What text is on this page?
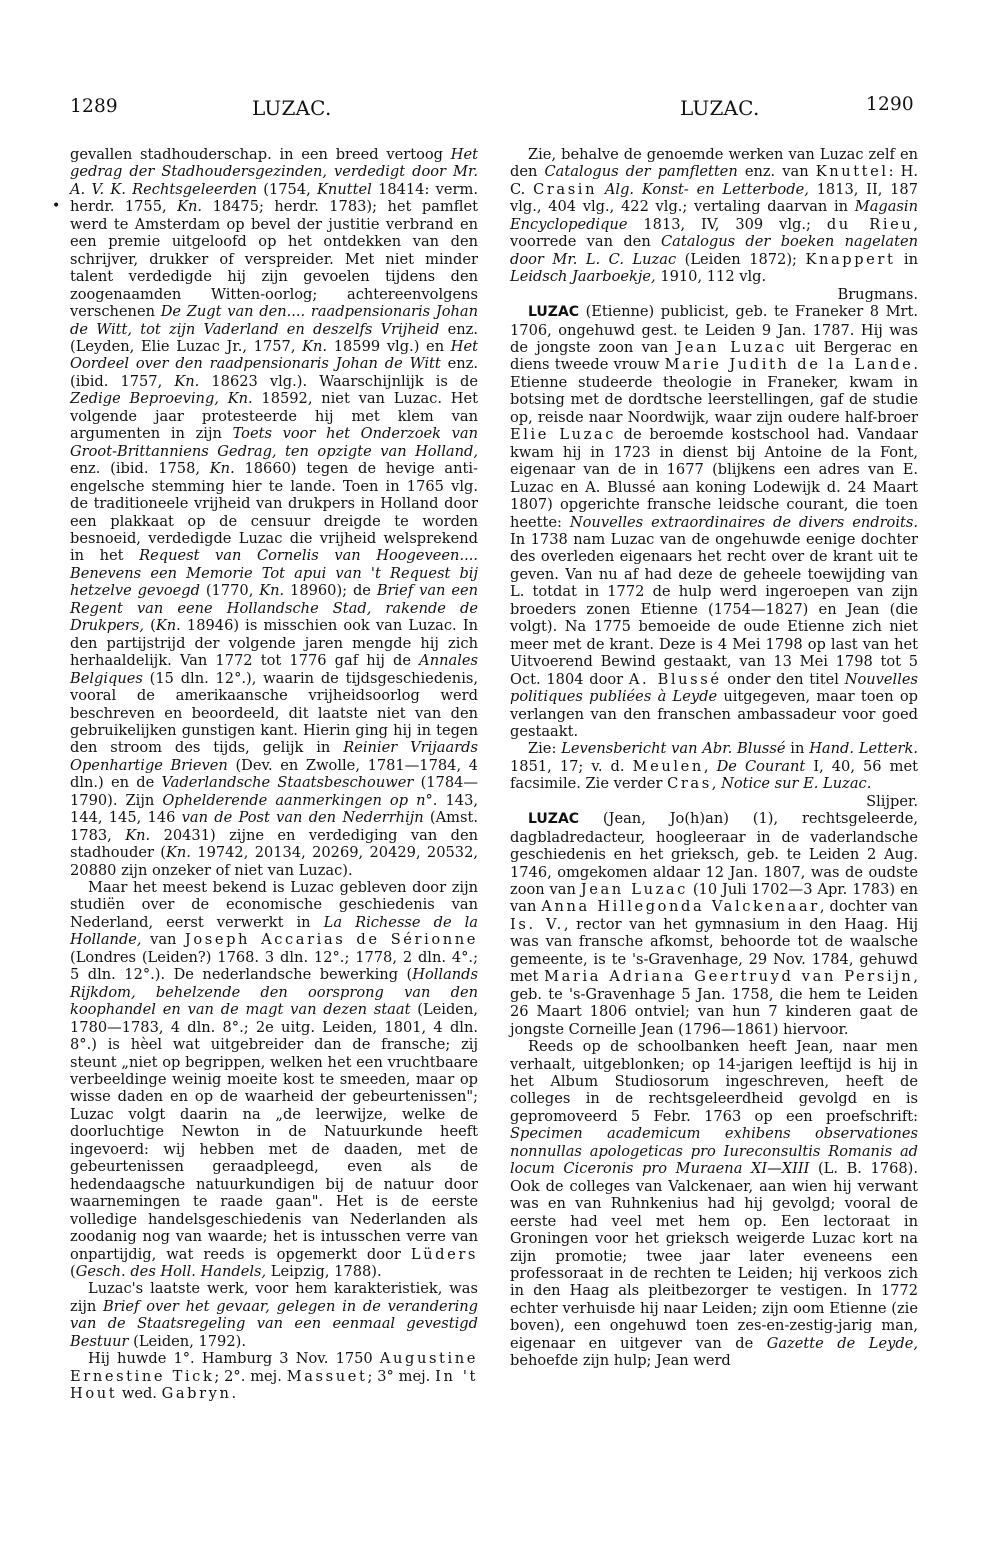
1289	LUZAC.	LUZAC.	1290
•

gevallen stadhouderschap. in een breed vertoog Het gedrag der Stadhoudersgezinden, verdedigt door Mr. A. V. K. Rechtsgeleerden (1754, Knuttel 18414: verm. herdr. 1755, Kn. 18475; herdr. 1783); het pamflet werd te Amsterdam op bevel der justitie verbrand en een premie uitgeloofd op het ontdekken van den schrijver, drukker of verspreider. Met niet minder talent verdedigde hij zijn gevoelen tijdens den zoogenaamden Witten-oorlog; achtereenvolgens verschenen De Zugt van den.... raadpensionaris Johan de Witt, tot zijn Vaderland en deszelfs Vrijheid enz. (Leyden, Elie Luzac Jr., 1757, Kn. 18599 vlg.) en Het Oordeel over den raadpensionaris Johan de Witt enz. (ibid. 1757, Kn. 18623 vlg.). Waarschijnlijk is de Zedige Beproeving, Kn. 18592, niet van Luzac. Het volgende jaar protesteerde hij met klem van argumenten in zijn Toets voor het Onderzoek van Groot-Brittanniens Gedrag, ten opzigte van Holland, enz. (ibid. 1758, Kn. 18660) tegen de hevige anti-engelsche stemming hier te lande. Toen in 1765 vlg. de traditioneele vrijheid van drukpers in Holland door een plakkaat op de censuur dreigde te worden besnoeid, verdedigde Luzac die vrijheid welsprekend in het Request van Cornelis van Hoogeveen.... Benevens een Memorie Tot apui van 't Request bij hetzelve gevoegd (1770, Kn. 18960); de Brief van een Regent van eene Hollandsche Stad, rakende de Drukpers, (Kn. 18946) is misschien ook van Luzac. In den partijstrijd der volgende jaren mengde hij zich herhaaldelijk. Van 1772 tot 1776 gaf hij de Annales Belgiques (15 dln. 12°.), waarin de tijdsgeschiedenis, vooral de amerikaansche vrijheidsoorlog werd beschreven en beoordeeld, dit laatste niet van den gebruikelijken gunstigen kant. Hierin ging hij in tegen den stroom des tijds, gelijk in Reinier Vrijaards Openhartige Brieven (Dev. en Zwolle, 1781—1784, 4 dln.) en de Vaderlandsche Staatsbeschouwer (1784—1790). Zijn Ophelderende aanmerkingen op n°. 143, 144, 145, 146 van de Post van den Nederrhijn (Amst. 1783, Kn. 20431) zijne en verdediging van den stadhouder (Kn. 19742, 20134, 20269, 20429, 20532, 20880 zijn onzeker of niet van Luzac).

Maar het meest bekend is Luzac gebleven door zijn studiën over de economische geschiedenis van Nederland, eerst verwerkt in La Richesse de la Hollande, van Joseph Accarias de Sérionne (Londres (Leiden?) 1768. 3 dln. 12°.; 1778, 2 dln. 4°.; 5 dln. 12°.). De nederlandsche bewerking (Hollands Rijkdom, behelzende den oorsprong van den koophandel en van de magt van dezen staat (Leiden, 1780—1783, 4 dln. 8°.; 2e uitg. Leiden, 1801, 4 dln. 8°.) is hèel wat uitgebreider dan de fransche; zij steunt „niet op begrippen, welken het een vruchtbaare verbeeldinge weinig moeite kost te smeeden, maar op wisse daden en op de waarheid der gebeurtenissen"; Luzac volgt daarin na „de leerwijze, welke de doorluchtige Newton in de Natuurkunde heeft ingevoerd: wij hebben met de daaden, met de gebeurtenissen geraadpleegd, even als de hedendaagsche natuurkundigen bij de natuur door waarnemingen te raade gaan". Het is de eerste volledige handelsgeschiedenis van Nederlanden als zoodanig nog van waarde; het is intusschen verre van onpartijdig, wat reeds is opgemerkt door Lüders (Gesch. des Holl. Handels, Leipzig, 1788).

Luzac's laatste werk, voor hem karakteristiek, was zijn Brief over het gevaar, gelegen in de verandering van de Staatsregeling van een eenmaal gevestigd Bestuur (Leiden, 1792).

Hij huwde 1°. Hamburg 3 Nov. 1750 Augustine Ernestine Tick; 2°. mej. Massuet; 3° mej. In 't Hout wed. Gabryn.

Zie, behalve de genoemde werken van Luzac zelf en den Catalogus der pamfletten enz. van Knuttel: H. C. Crasin Alg. Konst- en Letterbode, 1813, II, 187 vlg., 404 vlg., 422 vlg.; vertaling daarvan in Magasin Encyclopedique 1813, IV, 309 vlg.; du Rieu, voorrede van den Catalogus der boeken nagelaten door Mr. L. C. Luzac (Leiden 1872); Knappert in Leidsch Jaarboekje, 1910, 112 vlg.

Brugmans.

LUZAC (Etienne) publicist, geb. te Franeker 8 Mrt. 1706, ongehuwd gest. te Leiden 9 Jan. 1787. Hij was de jongste zoon van Jean Luzac uit Bergerac en diens tweede vrouw Marie Judith de la Lande. Etienne studeerde theologie in Franeker, kwam in botsing met de dordtsche leerstellingen, gaf de studie op, reisde naar Noordwijk, waar zijn oudere half-broer Elie Luzac de beroemde kostschool had. Vandaar kwam hij in 1723 in dienst bij Antoine de la Font, eigenaar van de in 1677 (blijkens een adres van E. Luzac en A. Blussé aan koning Lodewijk d. 24 Maart 1807) opgerichte fransche leidsche courant, die toen heette: Nouvelles extraordinaires de divers endroits. In 1738 nam Luzac van de ongehuwde eenige dochter des overleden eigenaars het recht over de krant uit te geven. Van nu af had deze de geheele toewijding van L. totdat in 1772 de hulp werd ingeroepen van zijn broeders zonen Etienne (1754—1827) en Jean (die volgt). Na 1775 bemoeide de oude Etienne zich niet meer met de krant. Deze is 4 Mei 1798 op last van het Uitvoerend Bewind gestaakt, van 13 Mei 1798 tot 5 Oct. 1804 door A. Blussé onder den titel Nouvelles politiques publiées à Leyde uitgegeven, maar toen op verlangen van den franschen ambassadeur voor goed gestaakt.

Zie: Levensbericht van Abr. Blussé in Hand. Letterk. 1851, 17; v. d. Meulen, De Courant I, 40, 56 met facsimile. Zie verder Cras, Notice sur E. Luzac.

Slijper.

LUZAC (Jean, Jo(h)an) (1), rechtsgeleerde, dagbladredacteur, hoogleeraar in de vaderlandsche geschiedenis en het grieksch, geb. te Leiden 2 Aug. 1746, omgekomen aldaar 12 Jan. 1807, was de oudste zoon van Jean Luzac (10 Juli 1702—3 Apr. 1783) en van Anna Hillegonda Valckenaar, dochter van Is. V., rector van het gymnasium in den Haag. Hij was van fransche afkomst, behoorde tot de waalsche gemeente, is te 's-Gravenhage, 29 Nov. 1784, gehuwd met Maria Adriana Geertruyd van Persijn, geb. te 's-Gravenhage 5 Jan. 1758, die hem te Leiden 26 Maart 1806 ontviel; van hun 7 kinderen gaat de jongste Corneille Jean (1796—1861) hiervoor.

Reeds op de schoolbanken heeft Jean, naar men verhaalt, uitgeblonken; op 14-jarigen leeftijd is hij in het Album Studiosorum ingeschreven, heeft de colleges in de rechtsgeleerdheid gevolgd en is gepromoveerd 5 Febr. 1763 op een proefschrift: Specimen academicum exhibens observationes nonnullas apologeticas pro Iureconsultis Romanis ad locum Ciceronis pro Muraena XI—XIII (L. B. 1768). Ook de colleges van Valckenaer, aan wien hij verwant was en van Ruhnkenius had hij gevolgd; vooral de eerste had veel met hem op. Een lectoraat in Groningen voor het grieksch weigerde Luzac kort na zijn promotie; twee jaar later eveneens een professoraat in de rechten te Leiden; hij verkoos zich in den Haag als pleitbezorger te vestigen. In 1772 echter verhuisde hij naar Leiden; zijn oom Etienne (zie boven), een ongehuwd toen zes-en-zestig-jarig man, eigenaar en uitgever van de Gazette de Leyde, behoefde zijn hulp; Jean werd
